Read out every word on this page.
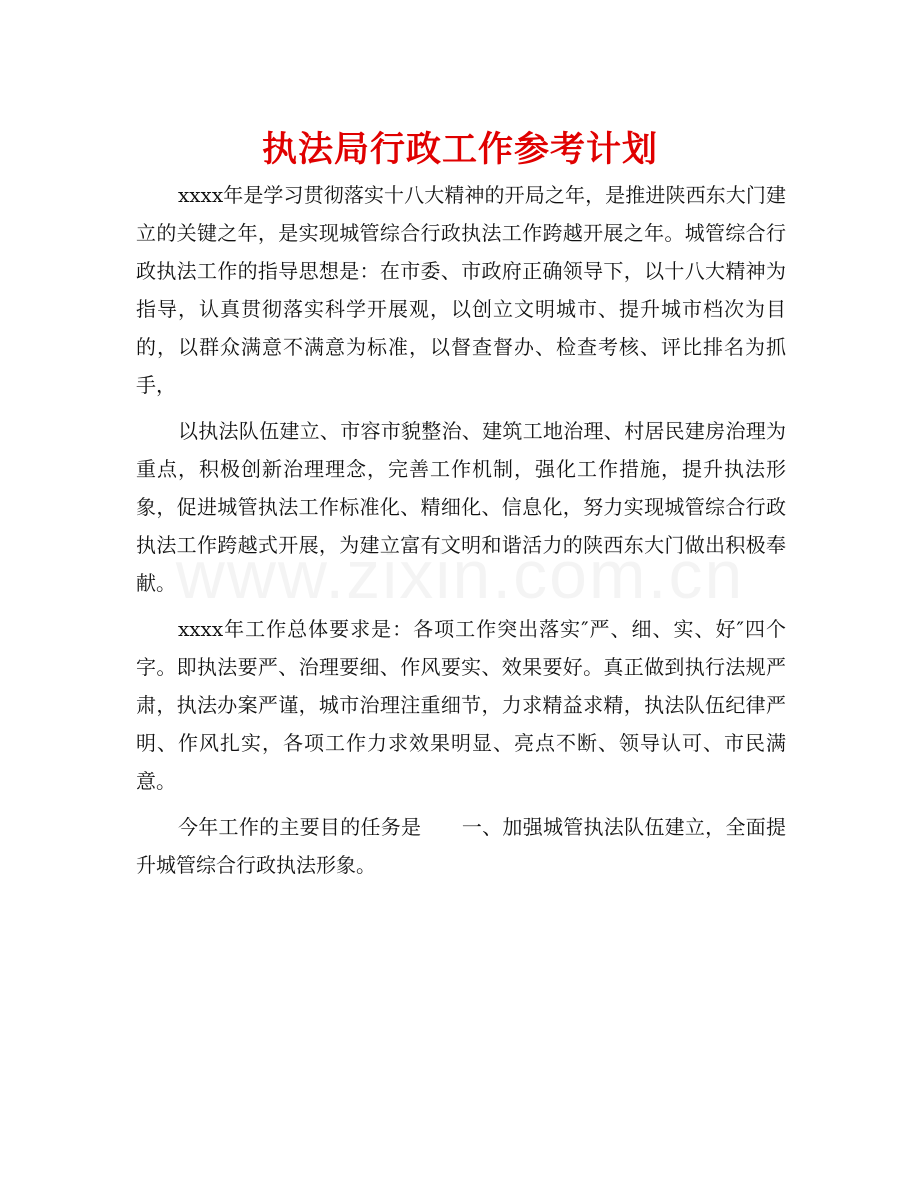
执法局行政工作参考计划

xxxx年是学习贯彻落实十八大精神的开局之年，是推进陕西东大门建立的关键之年，是实现城管综合行政执法工作跨越开展之年。城管综合行政执法工作的指导思想是：在市委、市政府正确领导下，以十八大精神为指导，认真贯彻落实科学开展观，以创立文明城市、提升城市档次为目的，以群众满意不满意为标准，以督查督办、检查考核、评比排名为抓手，

以执法队伍建立、市容市貌整治、建筑工地治理、村居民建房治理为重点，积极创新治理理念，完善工作机制，强化工作措施，提升执法形象，促进城管执法工作标准化、精细化、信息化，努力实现城管综合行政执法工作跨越式开展，为建立富有文明和谐活力的陕西东大门做出积极奉献。

xxxx年工作总体要求是：各项工作突出落实″严、细、实、好″四个字。即执法要严、治理要细、作风要实、效果要好。真正做到执行法规严肃，执法办案严谨，城市治理注重细节，力求精益求精，执法队伍纪律严明、作风扎实，各项工作力求效果明显、亮点不断、领导认可、市民满意。

今年工作的主要目的任务是　　一、加强城管执法队伍建立，全面提升城管综合行政执法形象。
